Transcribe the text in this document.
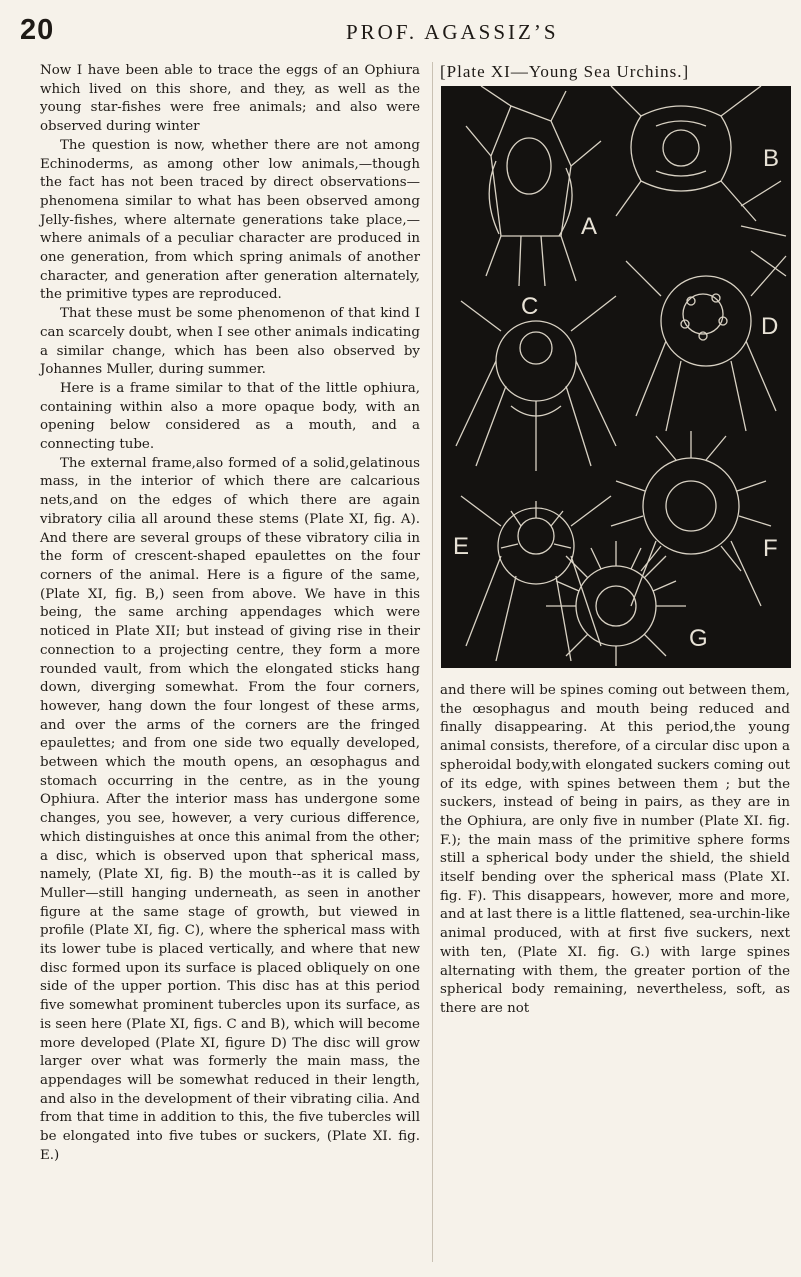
20	PROF. AGASSIZ’S

Now I have been able to trace the eggs of an Ophiura which lived on this shore, and they, as well as the young star-fishes were free animals; and also were observed during winter

The question is now, whether there are not among Echinoderms, as among other low animals,—though the fact has not been traced by direct observations—phenomena similar to what has been observed among Jelly-fishes, where alternate generations take place,—where animals of a peculiar character are produced in one generation, from which spring animals of another character, and generation after generation alternately, the primitive types are reproduced.

That these must be some phenomenon of that kind I can scarcely doubt, when I see other animals indicating a similar change, which has been also observed by Johannes Muller, during summer.

Here is a frame similar to that of the little ophiura, containing within also a more opaque body, with an opening below considered as a mouth, and a connecting tube.

The external frame,also formed of a solid,gelatinous mass, in the interior of which there are calcarious nets,and on the edges of which there are again vibratory cilia all around these stems (Plate XI, fig. A). And there are several groups of these vibratory cilia in the form of crescent-shaped epaulettes on the four corners of the animal. Here is a figure of the same, (Plate XI, fig. B,) seen from above. We have in this being, the same arching appendages which were noticed in Plate XII; but instead of giving rise in their connection to a projecting centre, they form a more rounded vault, from which the elongated sticks hang down, diverging somewhat. From the four corners, however, hang down the four longest of these arms, and over the arms of the corners are the fringed epaulettes; and from one side two equally developed, between which the mouth opens, an œsophagus and stomach occurring in the centre, as in the young Ophiura. After the interior mass has undergone some changes, you see, however, a very curious difference, which distinguishes at once this animal from the other; a disc, which is observed upon that spherical mass, namely, (Plate XI, fig. B) the mouth--as it is called by Muller—still hanging underneath, as seen in another figure at the same stage of growth, but viewed in profile (Plate XI, fig. C), where the spherical mass with its lower tube is placed vertically, and where that new disc formed upon its surface is placed obliquely on one side of the upper portion. This disc has at this period five somewhat prominent tubercles upon its surface, as is seen here (Plate XI, figs. C and B), which will become more developed (Plate XI, figure D) The disc will grow larger over what was formerly the main mass, the appendages will be somewhat reduced in their length, and also in the development of their vibrating cilia. And from that time in addition to this, the five tubercles will be elongated into five tubes or suckers, (Plate XI. fig. E.)

[Plate XI—Young Sea Urchins.]
A
B
C
D
E	F
G

and there will be spines coming out between them, the œsophagus and mouth being reduced and finally disappearing. At this period,the young animal consists, therefore, of a circular disc upon a spheroidal body,with elongated suckers coming out of its edge, with spines between them ; but the suckers, instead of being in pairs, as they are in the Ophiura, are only five in number (Plate XI. fig. F.); the main mass of the primitive sphere forms still a spherical body under the shield, the shield itself bending over the spherical mass (Plate XI. fig. F). This disappears, however, more and more, and at last there is a little flattened, sea-urchin-like animal produced, with at first five suckers, next with ten, (Plate XI. fig. G.) with large spines alternating with them, the greater portion of the spherical body remaining, nevertheless, soft, as there are not
